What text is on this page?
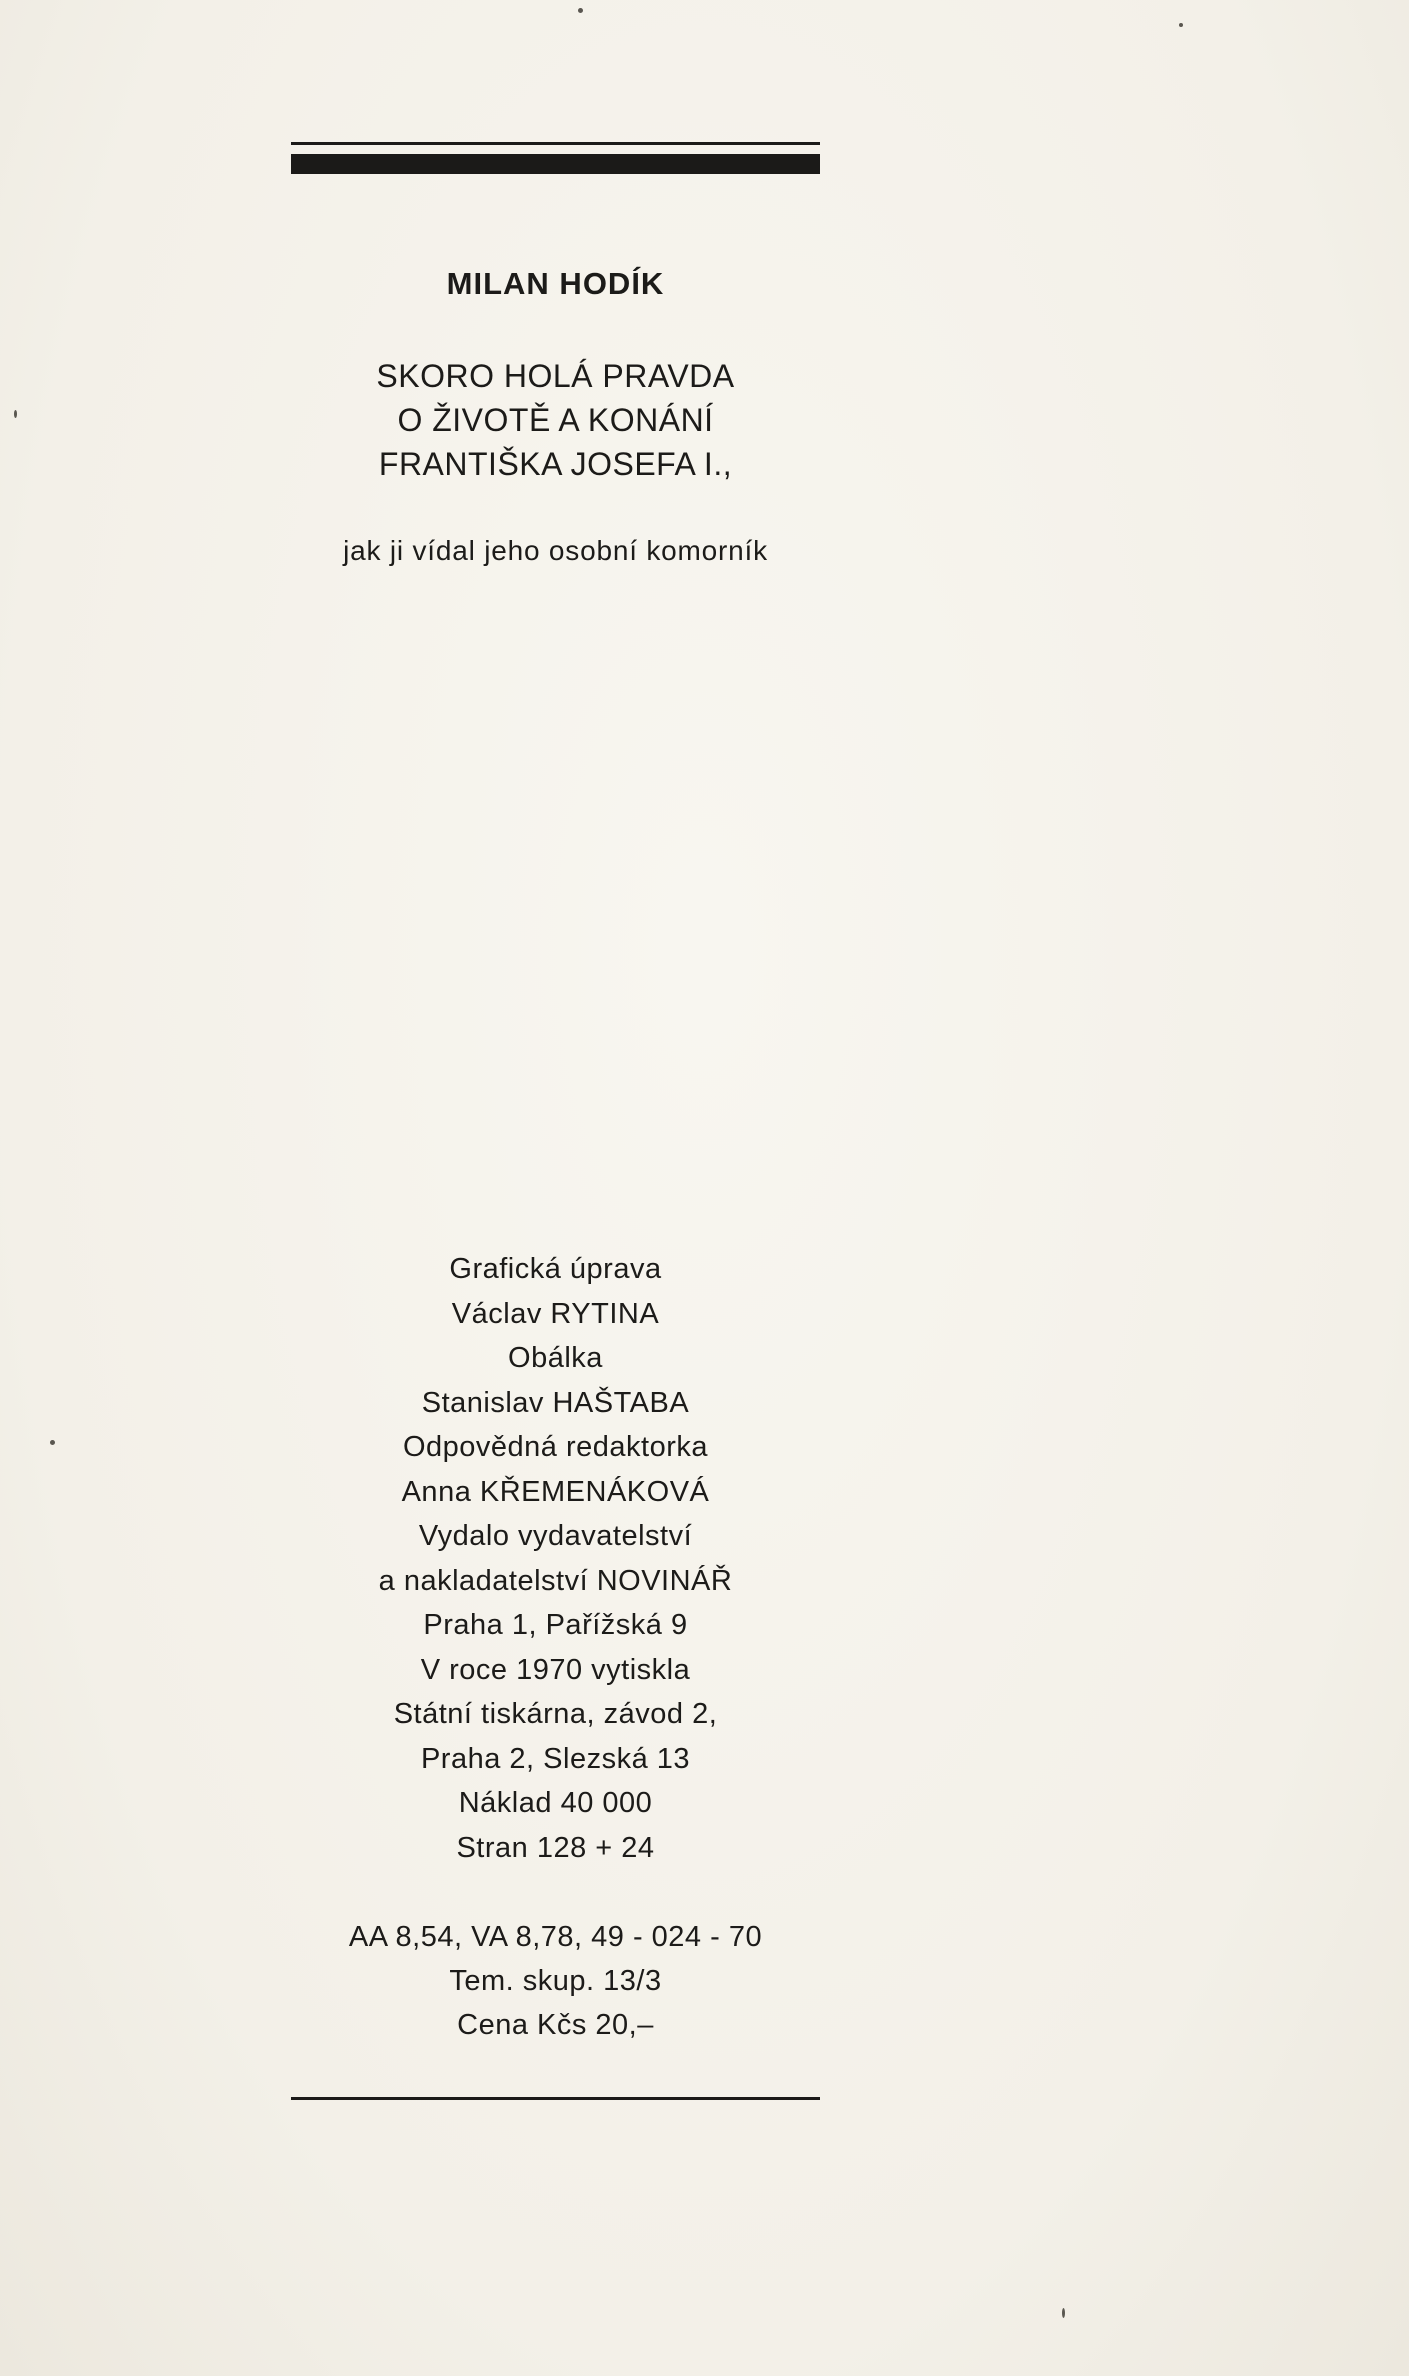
MILAN HODÍK
SKORO HOLÁ PRAVDA
O ŽIVOTĚ A KONÁNÍ
FRANTIŠKA JOSEFA I.,
jak ji vídal jeho osobní komorník
Grafická úprava
Václav RYTINA
Obálka
Stanislav HAŠTABA
Odpovědná redaktorka
Anna KŘEMENÁKOVÁ
Vydalo vydavatelství
a nakladatelství NOVINÁŘ
Praha 1, Pařížská 9
V roce 1970 vytiskla
Státní tiskárna, závod 2,
Praha 2, Slezská 13
Náklad 40 000
Stran 128 + 24
AA 8,54, VA 8,78, 49 - 024 - 70
Tem. skup. 13/3
Cena Kčs 20,–
